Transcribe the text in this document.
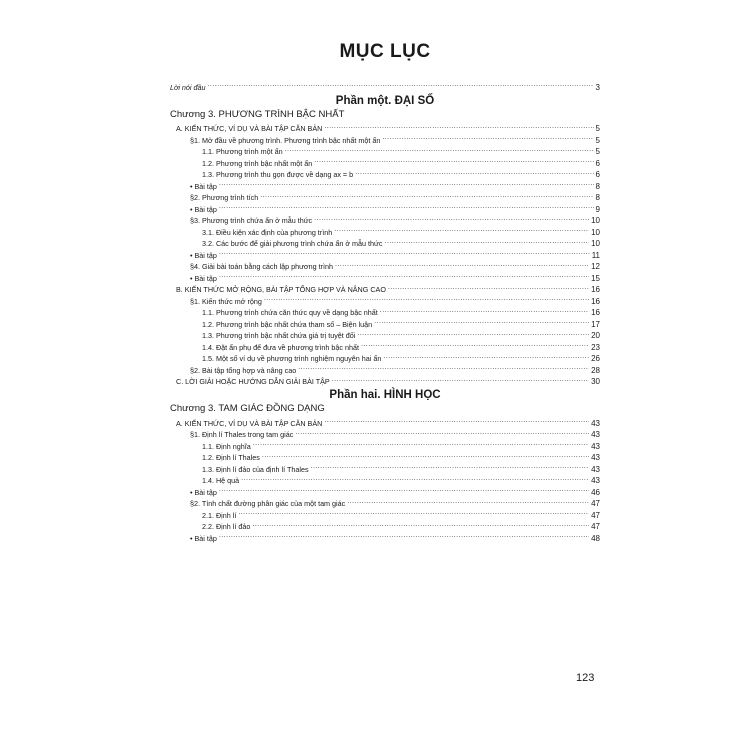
MỤC LỤC
Lời nói đầu .....	3
Phần một. ĐẠI SỐ
Chương 3. PHƯƠNG TRÌNH BẬC NHẤT
A. KIẾN THỨC, VÍ DỤ VÀ BÀI TẬP CĂN BẢN .....	5
§1. Mở đầu về phương trình. Phương trình bậc nhất một ẩn .....	5
1.1. Phương trình một ẩn .....	5
1.2. Phương trình bậc nhất một ẩn .....	6
1.3. Phương trình thu gọn được về dạng ax = b .....	6
• Bài tập .....	8
§2. Phương trình tích .....	8
• Bài tập .....	9
§3. Phương trình chứa ẩn ở mẫu thức .....	10
3.1. Điều kiện xác định của phương trình .....	10
3.2. Các bước để giải phương trình chứa ẩn ở mẫu thức .....	10
• Bài tập .....	11
§4. Giải bài toán bằng cách lập phương trình .....	12
• Bài tập .....	15
B. KIẾN THỨC MỞ RỘNG, BÀI TẬP TỔNG HỢP VÀ NÂNG CAO .....	16
§1. Kiến thức mở rộng .....	16
1.1. Phương trình chứa căn thức quy về dạng bậc nhất .....	16
1.2. Phương trình bậc nhất chứa tham số – Biện luận .....	17
1.3. Phương trình bậc nhất chứa giá trị tuyệt đối .....	20
1.4. Đặt ẩn phụ để đưa về phương trình bậc nhất .....	23
1.5. Một số ví dụ về phương trình nghiệm nguyên hai ẩn .....	26
§2. Bài tập tổng hợp và nâng cao .....	28
C. LỜI GIẢI HOẶC HƯỚNG DẪN GIẢI BÀI TẬP .....	30
Phần hai. HÌNH HỌC
Chương 3. TAM GIÁC ĐỒNG DẠNG
A. KIẾN THỨC, VÍ DỤ VÀ BÀI TẬP CĂN BẢN .....	43
§1. Định lí Thales trong tam giác .....	43
1.1. Định nghĩa .....	43
1.2. Định lí Thales .....	43
1.3. Định lí đảo của định lí Thales .....	43
1.4. Hệ quả .....	43
• Bài tập .....	46
§2. Tính chất đường phân giác của một tam giác .....	47
2.1. Định lí .....	47
2.2. Định lí đảo .....	47
• Bài tập .....	48
123
